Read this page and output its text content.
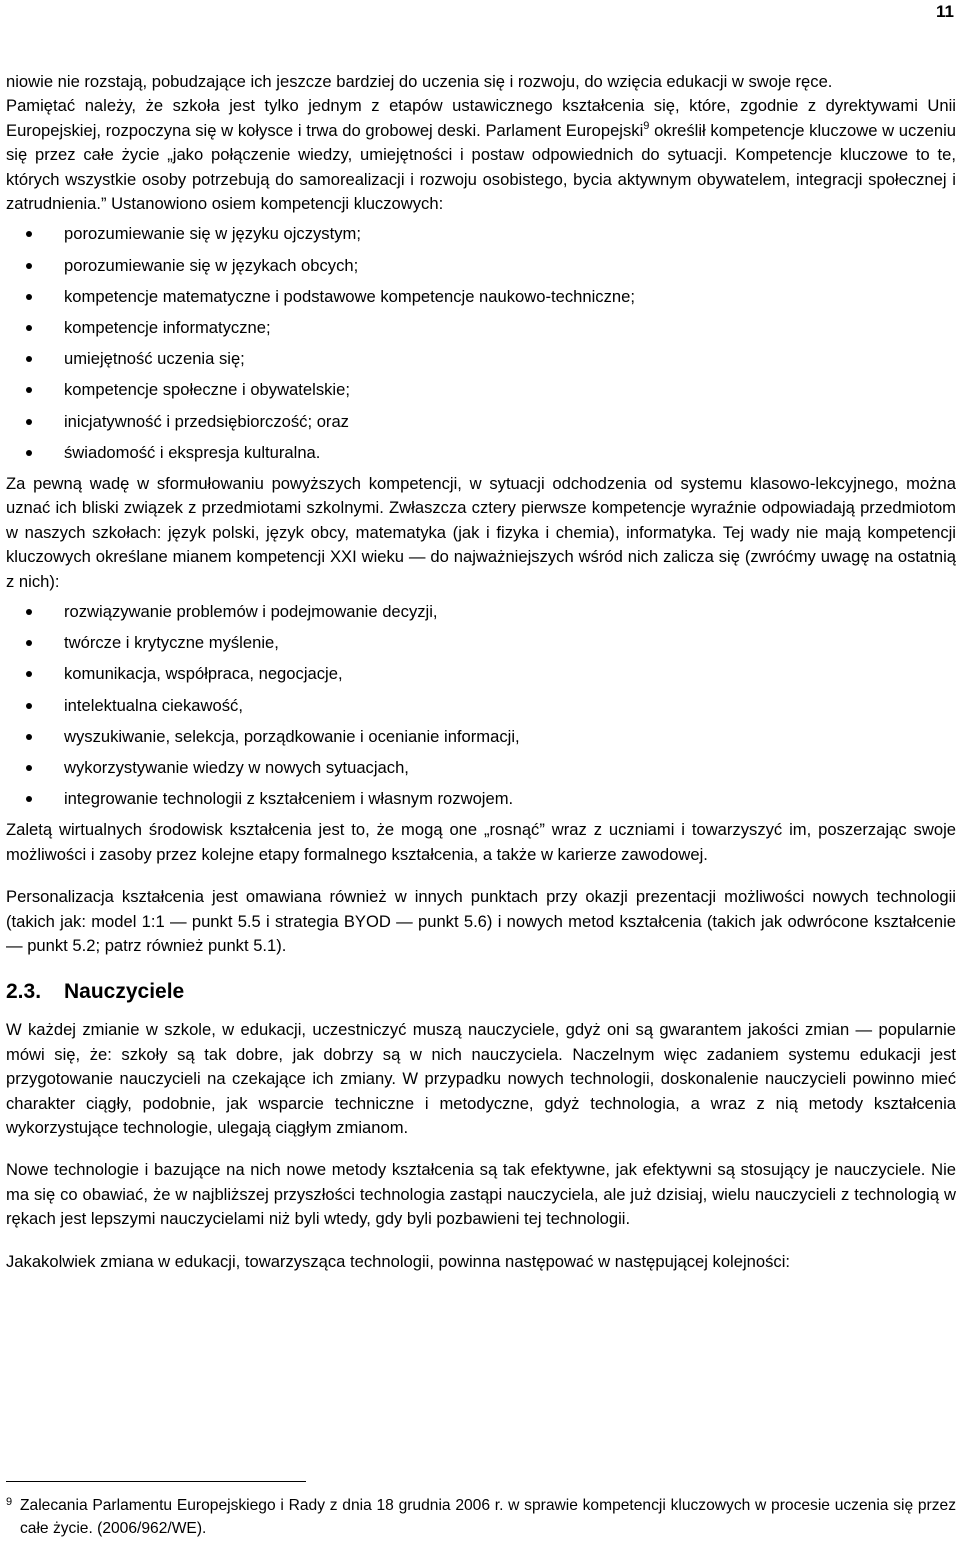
11

niowie nie rozstają, pobudzające ich jeszcze bardziej do uczenia się i rozwoju, do wzięcia edukacji w swoje ręce.

Pamiętać należy, że szkoła jest tylko jednym z etapów ustawicznego kształcenia się, które, zgodnie z dyrektywami Unii Europejskiej, rozpoczyna się w kołysce i trwa do grobowej deski. Parlament Europejski$^9$ określił kompetencje kluczowe w uczeniu się przez całe życie „jako połączenie wiedzy, umiejętności i postaw odpowiednich do sytuacji. Kompetencje kluczowe to te, których wszystkie osoby potrzebują do samorealizacji i rozwoju osobistego, bycia aktywnym obywatelem, integracji społecznej i zatrudnienia.” Ustanowiono osiem kompetencji kluczowych:

porozumiewanie się w języku ojczystym;
porozumiewanie się w językach obcych;
kompetencje matematyczne i podstawowe kompetencje naukowo-techniczne;
kompetencje informatyczne;
umiejętność uczenia się;
kompetencje społeczne i obywatelskie;
inicjatywność i przedsiębiorczość; oraz
świadomość i ekspresja kulturalna.

Za pewną wadę w sformułowaniu powyższych kompetencji, w sytuacji odchodzenia od systemu klasowo-lekcyjnego, można uznać ich bliski związek z przedmiotami szkolnymi. Zwłaszcza cztery pierwsze kompetencje wyraźnie odpowiadają przedmiotom w naszych szkołach: język polski, język obcy, matematyka (jak i fizyka i chemia), informatyka. Tej wady nie mają kompetencji kluczowych określane mianem kompetencji XXI wieku — do najważniejszych wśród nich zalicza się (zwróćmy uwagę na ostatnią z nich):

rozwiązywanie problemów i podejmowanie decyzji,
twórcze i krytyczne myślenie,
komunikacja, współpraca, negocjacje,
intelektualna ciekawość,
wyszukiwanie, selekcja, porządkowanie i ocenianie informacji,
wykorzystywanie wiedzy w nowych sytuacjach,
integrowanie technologii z kształceniem i własnym rozwojem.

Zaletą wirtualnych środowisk kształcenia jest to, że mogą one „rosnąć” wraz z uczniami i towarzyszyć im, poszerzając swoje możliwości i zasoby przez kolejne etapy formalnego kształcenia, a także w karierze zawodowej.

Personalizacja kształcenia jest omawiana również w innych punktach przy okazji prezentacji możliwości nowych technologii (takich jak: model 1:1 — punkt 5.5 i strategia BYOD — punkt 5.6) i nowych metod kształcenia (takich jak odwrócone kształcenie — punkt 5.2; patrz również punkt 5.1).

2.3. Nauczyciele

W każdej zmianie w szkole, w edukacji, uczestniczyć muszą nauczyciele, gdyż oni są gwarantem jakości zmian — popularnie mówi się, że: szkoły są tak dobre, jak dobrzy są w nich nauczyciela. Naczelnym więc zadaniem systemu edukacji jest przygotowanie nauczycieli na czekające ich zmiany. W przypadku nowych technologii, doskonalenie nauczycieli powinno mieć charakter ciągły, podobnie, jak wsparcie techniczne i metodyczne, gdyż technologia, a wraz z nią metody kształcenia wykorzystujące technologie, ulegają ciągłym zmianom.

Nowe technologie i bazujące na nich nowe metody kształcenia są tak efektywne, jak efektywni są stosujący je nauczyciele. Nie ma się co obawiać, że w najbliższej przyszłości technologia zastąpi nauczyciela, ale już dzisiaj, wielu nauczycieli z technologią w rękach jest lepszymi nauczycielami niż byli wtedy, gdy byli pozbawieni tej technologii.

Jakakolwiek zmiana w edukacji, towarzysząca technologii, powinna następować w następującej kolejności:

9 Zalecania Parlamentu Europejskiego i Rady z dnia 18 grudnia 2006 r. w sprawie kompetencji kluczowych w procesie uczenia się przez całe życie. (2006/962/WE).
